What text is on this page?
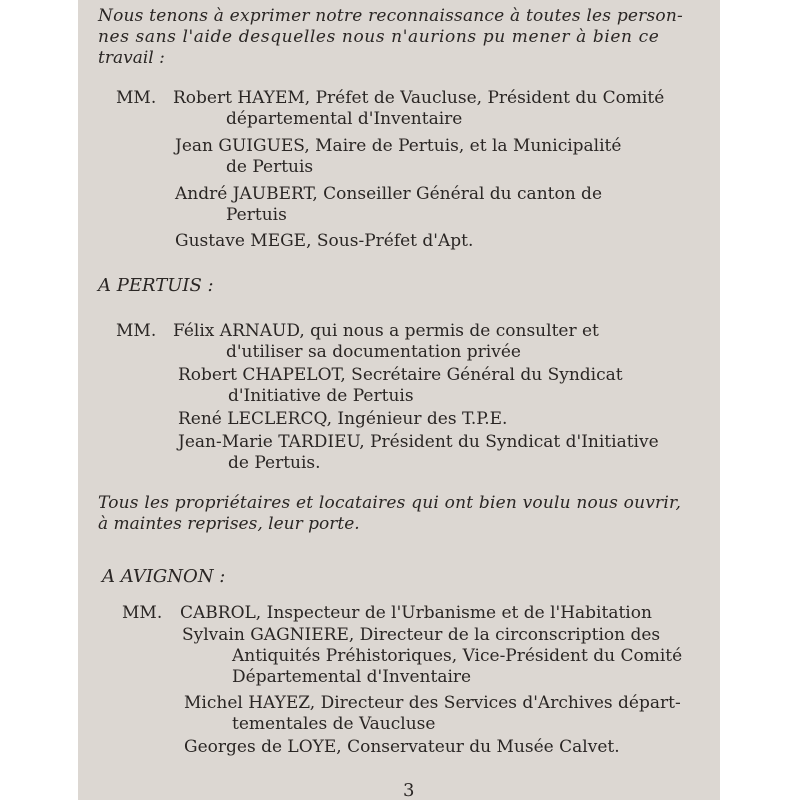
Nous tenons à exprimer notre reconnaissance à toutes les person-
nes sans l'aide desquelles nous n'aurions pu mener à bien ce
travail :
MM. Robert HAYEM, Préfet de Vaucluse, Président du Comité
départemental d'Inventaire
Jean GUIGUES, Maire de Pertuis, et la Municipalité
de Pertuis
André JAUBERT, Conseiller Général du canton de
Pertuis
Gustave MEGE, Sous-Préfet d'Apt.
A PERTUIS :
MM. Félix ARNAUD, qui nous a permis de consulter et
d'utiliser sa documentation privée
Robert CHAPELOT, Secrétaire Général du Syndicat
d'Initiative de Pertuis
René LECLERCQ, Ingénieur des T.P.E.
Jean-Marie TARDIEU, Président du Syndicat d'Initiative
de Pertuis.
Tous les propriétaires et locataires qui ont bien voulu nous ouvrir,
à maintes reprises, leur porte.
A AVIGNON :
MM. CABROL, Inspecteur de l'Urbanisme et de l'Habitation
Sylvain GAGNIERE, Directeur de la circonscription des
Antiquités Préhistoriques, Vice-Président du Comité
Départemental d'Inventaire
Michel HAYEZ, Directeur des Services d'Archives départ-
tementales de Vaucluse
Georges de LOYE, Conservateur du Musée Calvet.
3
